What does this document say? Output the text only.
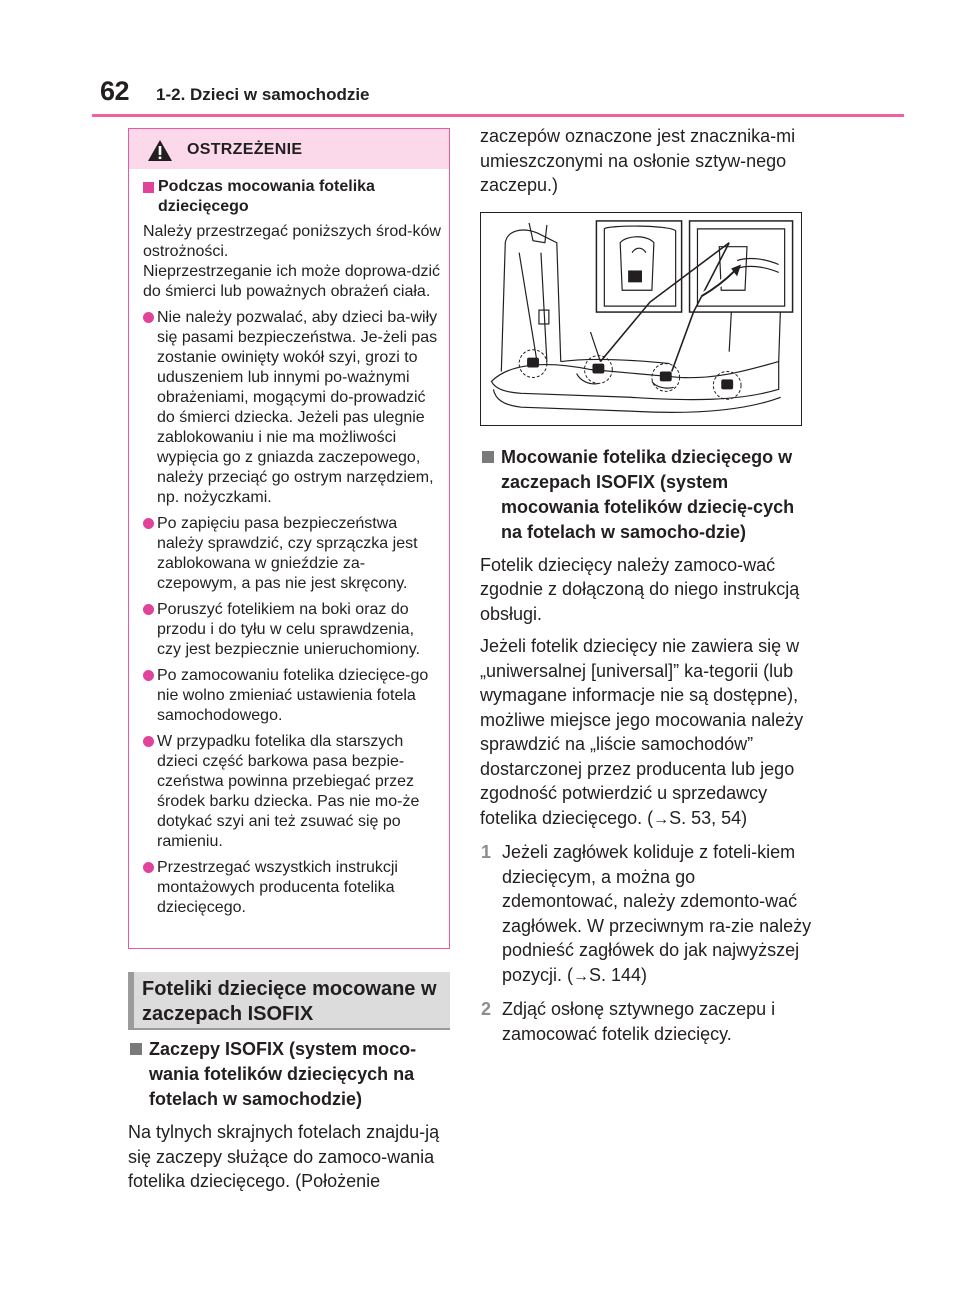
62 1-2. Dzieci w samochodzie
OSTRZEŻENIE
Podczas mocowania fotelika dziecięcego

Należy przestrzegać poniższych środ-ków ostrożności.
Nieprzestrzeganie ich może doprowa-dzić do śmierci lub poważnych obrażeń ciała.

Nie należy pozwalać, aby dzieci ba-wiły się pasami bezpieczeństwa. Je-żeli pas zostanie owinięty wokół szyi, grozi to uduszeniem lub innymi po-ważnymi obrażeniami, mogącymi do-prowadzić do śmierci dziecka. Jeżeli pas ulegnie zablokowaniu i nie ma możliwości wypięcia go z gniazda zaczepowego, należy przeciąć go ostrym narzędziem, np. nożyczkami.
Po zapięciu pasa bezpieczeństwa należy sprawdzić, czy sprzączka jest zablokowana w gnieździe za-czepowym, a pas nie jest skręcony.
Poruszyć fotelikiem na boki oraz do przodu i do tyłu w celu sprawdzenia, czy jest bezpiecznie unieruchomiony.
Po zamocowaniu fotelika dziecięce-go nie wolno zmieniać ustawienia fotela samochodowego.
W przypadku fotelika dla starszych dzieci część barkowa pasa bezpie-czeństwa powinna przebiegać przez środek barku dziecka. Pas nie mo-że dotykać szyi ani też zsuwać się po ramieniu.
Przestrzegać wszystkich instrukcji montażowych producenta fotelika dziecięcego.
Foteliki dziecięce mocowane w zaczepach ISOFIX
Zaczepy ISOFIX (system moco-wania fotelików dziecięcych na fotelach w samochodzie)

Na tylnych skrajnych fotelach znajdu-ją się zaczepy służące do zamoco-wania fotelika dziecięcego. (Położenie

zaczepów oznaczone jest znacznika-mi umieszczonymi na osłonie sztyw-nego zaczepu.)

Mocowanie fotelika dziecięcego w zaczepach ISOFIX (system mocowania fotelików dziecię-cych na fotelach w samocho-dzie)

Fotelik dziecięcy należy zamoco-wać zgodnie z dołączoną do niego instrukcją obsługi.

Jeżeli fotelik dziecięcy nie zawiera się w „uniwersalnej [universal]” ka-tegorii (lub wymagane informacje nie są dostępne), możliwe miejsce jego mocowania należy sprawdzić na „liście samochodów” dostarczonej przez producenta lub jego zgodność potwierdzić u sprzedawcy fotelika dziecięcego. (→S. 53, 54)

1 Jeżeli zagłówek koliduje z foteli-kiem dziecięcym, a można go zdemontować, należy zdemonto-wać zagłówek. W przeciwnym ra-zie należy podnieść zagłówek do jak najwyższej pozycji. (→S. 144)
2 Zdjąć osłonę sztywnego zaczepu i zamocować fotelik dziecięcy.
